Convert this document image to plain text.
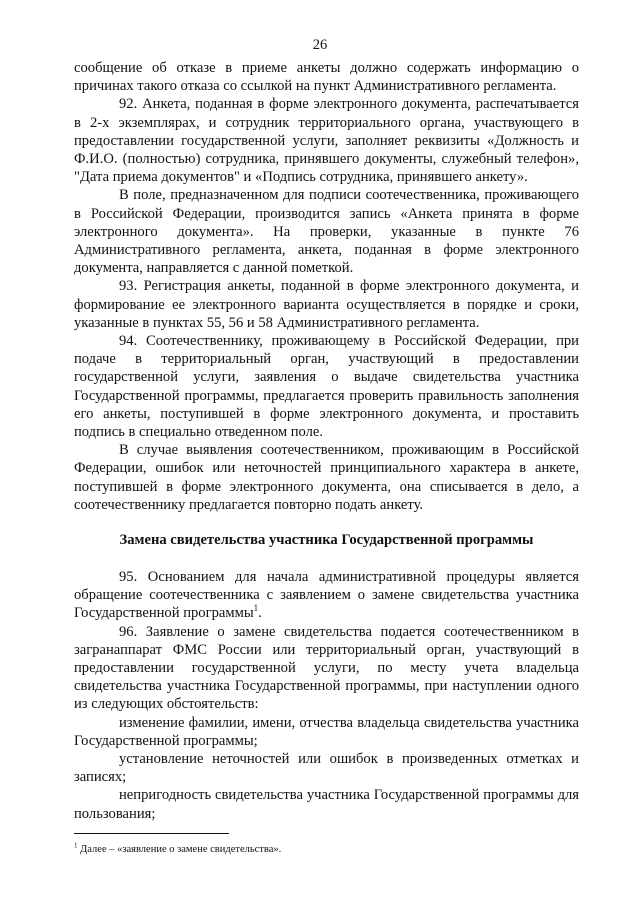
26

сообщение об отказе в приеме анкеты должно содержать информацию о причинах такого отказа со ссылкой на пункт Административного регламента.

92. Анкета, поданная в форме электронного документа, распечатывается в 2-х экземплярах, и сотрудник территориального органа, участвующего в предоставлении государственной услуги, заполняет реквизиты «Должность и Ф.И.О. (полностью) сотрудника, принявшего документы, служебный телефон», "Дата приема документов" и «Подпись сотрудника, принявшего анкету».

В поле, предназначенном для подписи соотечественника, проживающего в Российской Федерации, производится запись «Анкета принята в форме электронного документа». На проверки, указанные в пункте 76 Административного регламента, анкета, поданная в форме электронного документа, направляется с данной пометкой.

93. Регистрация анкеты, поданной в форме электронного документа, и формирование ее электронного варианта осуществляется в порядке и сроки, указанные в пунктах 55, 56 и 58 Административного регламента.

94. Соотечественнику, проживающему в Российской Федерации, при подаче в территориальный орган, участвующий в предоставлении государственной услуги, заявления о выдаче свидетельства участника Государственной программы, предлагается проверить правильность заполнения его анкеты, поступившей в форме электронного документа, и проставить подпись в специально отведенном поле.

В случае выявления соотечественником, проживающим в Российской Федерации, ошибок или неточностей принципиального характера в анкете, поступившей в форме электронного документа, она списывается в дело, а соотечественнику предлагается повторно подать анкету.

Замена свидетельства участника Государственной программы

95. Основанием для начала административной процедуры является обращение соотечественника с заявлением о замене свидетельства участника Государственной программы$^1$.

96. Заявление о замене свидетельства подается соотечественником в загранаппарат ФМС России или территориальный орган, участвующий в предоставлении государственной услуги, по месту учета владельца свидетельства участника Государственной программы, при наступлении одного из следующих обстоятельств:

изменение фамилии, имени, отчества владельца свидетельства участника Государственной программы;

установление неточностей или ошибок в произведенных отметках и записях;

непригодность свидетельства участника Государственной программы для пользования;

$^1$ Далее – «заявление о замене свидетельства».
